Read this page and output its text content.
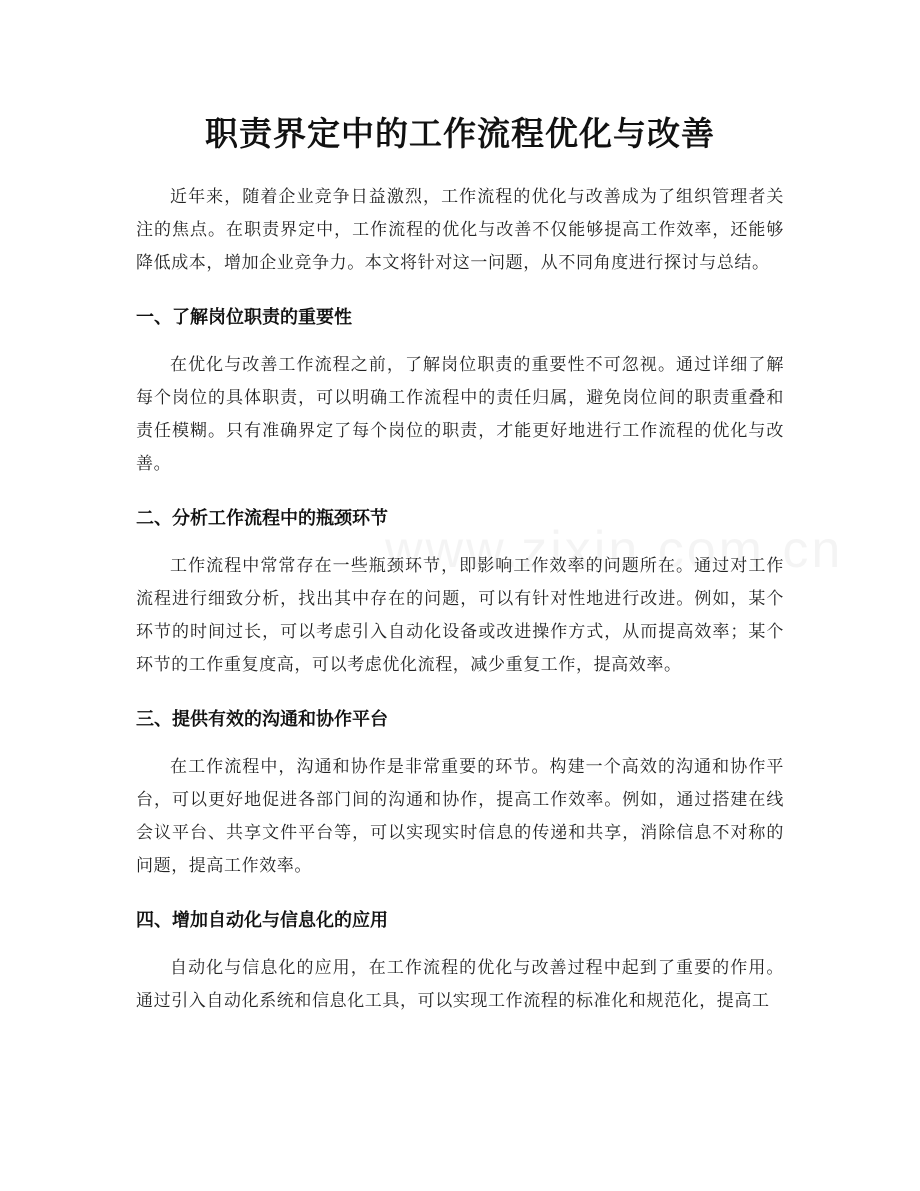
职责界定中的工作流程优化与改善

近年来，随着企业竞争日益激烈，工作流程的优化与改善成为了组织管理者关注的焦点。在职责界定中，工作流程的优化与改善不仅能够提高工作效率，还能够降低成本，增加企业竞争力。本文将针对这一问题，从不同角度进行探讨与总结。

一、了解岗位职责的重要性

在优化与改善工作流程之前，了解岗位职责的重要性不可忽视。通过详细了解每个岗位的具体职责，可以明确工作流程中的责任归属，避免岗位间的职责重叠和责任模糊。只有准确界定了每个岗位的职责，才能更好地进行工作流程的优化与改善。

二、分析工作流程中的瓶颈环节

工作流程中常常存在一些瓶颈环节，即影响工作效率的问题所在。通过对工作流程进行细致分析，找出其中存在的问题，可以有针对性地进行改进。例如，某个环节的时间过长，可以考虑引入自动化设备或改进操作方式，从而提高效率；某个环节的工作重复度高，可以考虑优化流程，减少重复工作，提高效率。

三、提供有效的沟通和协作平台

在工作流程中，沟通和协作是非常重要的环节。构建一个高效的沟通和协作平台，可以更好地促进各部门间的沟通和协作，提高工作效率。例如，通过搭建在线会议平台、共享文件平台等，可以实现实时信息的传递和共享，消除信息不对称的问题，提高工作效率。

四、增加自动化与信息化的应用

自动化与信息化的应用，在工作流程的优化与改善过程中起到了重要的作用。通过引入自动化系统和信息化工具，可以实现工作流程的标准化和规范化，提高工
